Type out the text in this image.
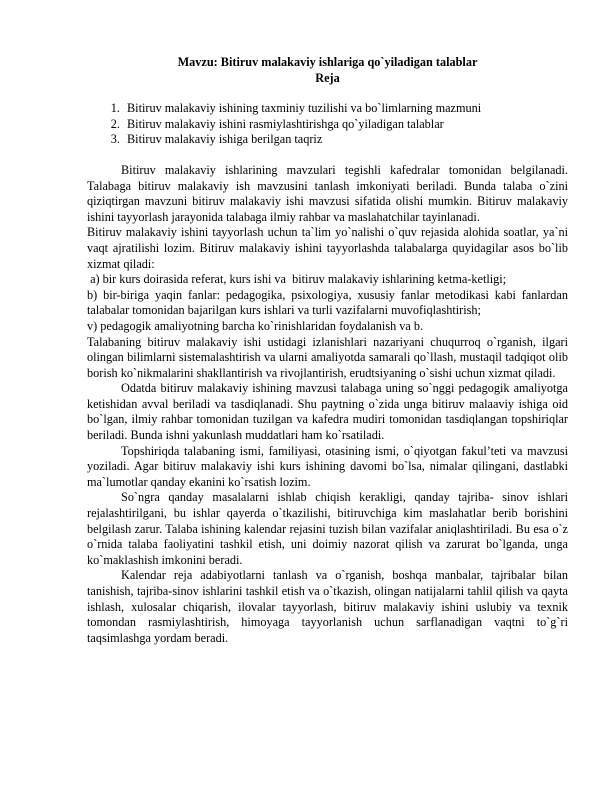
Mavzu: Bitiruv malakaviy ishlariga qo`yiladigan talablar

Reja

1. Bitiruv malakaviy ishining taxminiy tuzilishi va bo`limlarning mazmuni
2. Bitiruv malakaviy ishini rasmiylashtirishga qo`yiladigan talablar
3. Bitiruv malakaviy ishiga berilgan taqriz

Bitiruv malakaviy ishlarining mavzulari tegishli kafedralar tomonidan belgilanadi. Talabaga bitiruv malakaviy ish mavzusini tanlash imkoniyati beriladi. Bunda talaba o`zini qiziqtirgan mavzuni bitiruv malakaviy ishi mavzusi sifatida olishi mumkin. Bitiruv malakaviy ishini tayyorlash jarayonida talabaga ilmiy rahbar va maslahatchilar tayinlanadi.

Bitiruv malakaviy ishini tayyorlash uchun ta`lim yo`nalishi o`quv rejasida alohida soatlar, ya`ni vaqt ajratilishi lozim. Bitiruv malakaviy ishini tayyorlashda talabalarga quyidagilar asos bo`lib xizmat qiladi:

a) bir kurs doirasida referat, kurs ishi va  bitiruv malakaviy ishlarining ketma-ketligi;

b) bir-biriga yaqin fanlar: pedagogika, psixologiya, xususiy fanlar metodikasi kabi fanlardan talabalar tomonidan bajarilgan kurs ishlari va turli vazifalarni muvofiqlashtirish;

v) pedagogik amaliyotning barcha ko`rinishlaridan foydalanish va b.

Talabaning bitiruv malakaviy ishi ustidagi izlanishlari nazariyani chuqurroq o`rganish, ilgari olingan bilimlarni sistemalashtirish va ularni amaliyotda samarali qo`llash, mustaqil tadqiqot olib borish ko`nikmalarini shakllantirish va rivojlantirish, erudtsiyaning o`sishi uchun xizmat qiladi.

Odatda bitiruv malakaviy ishining mavzusi talabaga uning so`nggi pedagogik amaliyotga ketishidan avval beriladi va tasdiqlanadi. Shu paytning o`zida unga bitiruv malaaviy ishiga oid bo`lgan, ilmiy rahbar tomonidan tuzilgan va kafedra mudiri tomonidan tasdiqlangan topshiriqlar beriladi. Bunda ishni yakunlash muddatlari ham ko`rsatiladi.

Topshiriqda talabaning ismi, familiyasi, otasining ismi, o`qiyotgan fakul’teti va mavzusi yoziladi. Agar bitiruv malakaviy ishi kurs ishining davomi bo`lsa, nimalar qilingani, dastlabki ma`lumotlar qanday ekanini ko`rsatish lozim.

So`ngra qanday masalalarni ishlab chiqish kerakligi, qanday tajriba- sinov ishlari rejalashtirilgani, bu ishlar qayerda o`tkazilishi, bitiruvchiga kim maslahatlar berib borishini belgilash zarur. Talaba ishining kalendar rejasini tuzish bilan vazifalar aniqlashtiriladi. Bu esa o`z o`rnida talaba faoliyatini tashkil etish, uni doimiy nazorat qilish va zarurat bo`lganda, unga ko`maklashish imkonini beradi.

Kalendar reja adabiyotlarni tanlash va o`rganish, boshqa manbalar, tajribalar bilan tanishish, tajriba-sinov ishlarini tashkil etish va o`tkazish, olingan natijalarni tahlil qilish va qayta ishlash, xulosalar chiqarish, ilovalar tayyorlash, bitiruv malakaviy ishini uslubiy va texnik tomondan rasmiylashtirish, himoyaga tayyorlanish uchun sarflanadigan vaqtni to`g`ri taqsimlashga yordam beradi.
